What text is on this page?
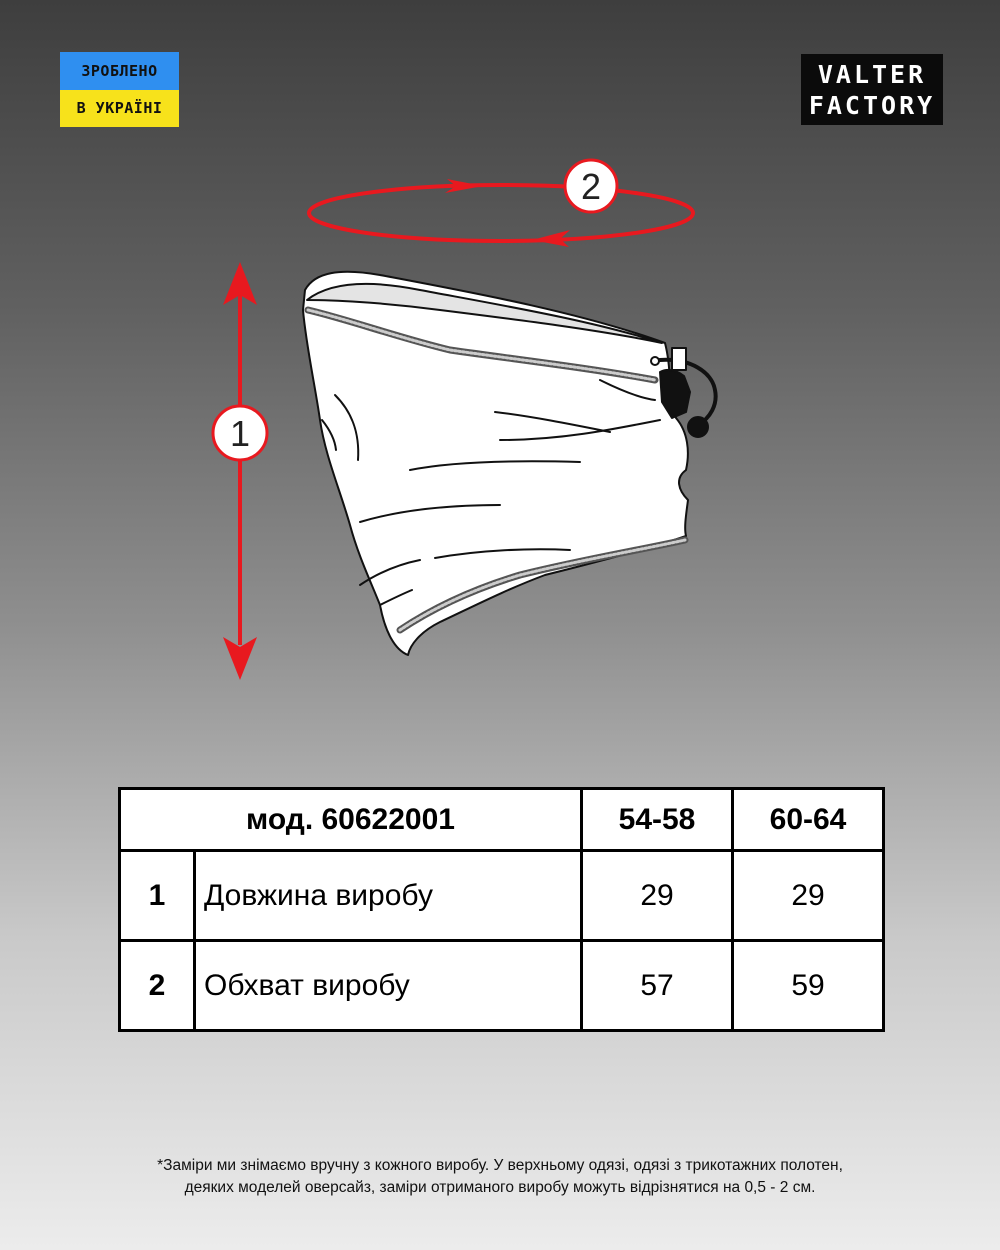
ЗРОБЛЕНО
В УКРАЇНІ
VALTER
FACTORY
2
1
мод. 60622001		54-58	60-64
1	Довжина виробу	29	29
2	Обхват виробу	57	59
*Заміри ми знімаємо вручну з кожного виробу. У верхньому одязі, одязі з трикотажних полотен,
деяких моделей оверсайз, заміри отриманого виробу можуть відрізнятися на 0,5 - 2 см.
